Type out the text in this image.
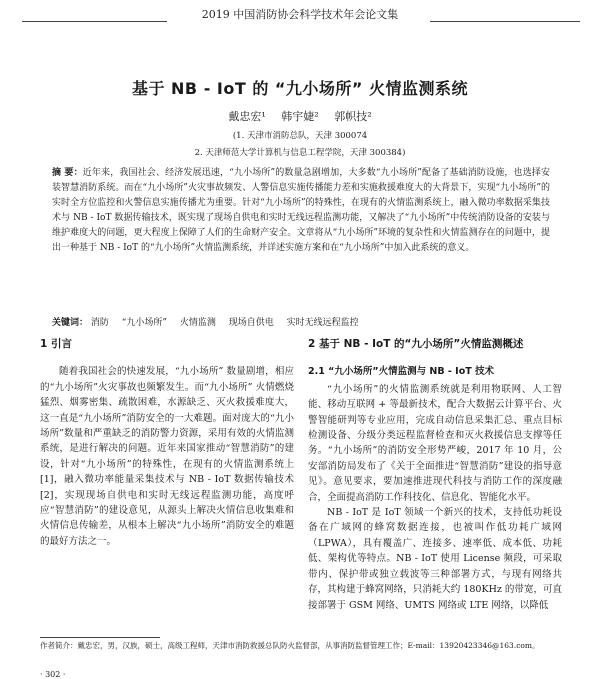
2019 中国消防协会科学技术年会论文集
基于 NB - IoT 的 “九小场所” 火情监测系统
戴忠宏¹ 韩宇婕² 郭帜技²
(1. 天津市消防总队，天津 300074
2. 天津师范大学计算机与信息工程学院，天津 300384)
摘 要：近年来，我国社会、经济发展迅速，“九小场所”的数量急剧增加，大多数“九小场所”配备了基础消防设施，也选择安装智慧消防系统。而在“九小场所”火灾事故频发、人警信息实施传播能力差和实施救援难度大的大背景下，实现“九小场所”的实时全方位监控和火警信息实施传播尤为重要。针对“九小场所”的特殊性，在现有的火情监测系统上，融入微功率数据采集技术与 NB - IoT 数据传输技术，既实现了现场自供电和实时无线远程监测功能，又解决了“九小场所”中传统消防设备的安装与维护难度大的问题，更大程度上保障了人们的生命财产安全。文章将从“九小场所”环境的复杂性和火情监测存在的问题中，提出一种基于 NB - IoT 的“九小场所”火情监测系统，并详述实施方案和在“九小场所”中加入此系统的意义。
关键词： 消防 “九小场所” 火情监测 现场自供电 实时无线远程监控
1 引言

随着我国社会的快速发展，“九小场所” 数量剧增，相应的“九小场所”火灾事故也频繁发生。而“九小场所” 火情燃烧猛烈、烟雾密集、疏散困难，水源缺乏、灭火救援难度大，这一直是“九小场所”消防安全的一大难题。面对庞大的“九小场所”数量和严重缺乏的消防警力资源，采用有效的火情监测系统，是进行解决的问题。近年来国家推动“智慧消防”的建设，针对“九小场所”的特殊性，在现有的火情监测系统上[1]，融入微功率能量采集技术与 NB - IoT 数据传输技术[2]，实现现场自供电和实时无线远程监测功能，高度呼应“智慧消防”的建设意见，从源头上解决火情信息收集难和火情信息传输差，从根本上解决“九小场所”消防安全的难题的最好方法之一。

2 基于 NB - IoT 的“九小场所”火情监测概述
2.1 “九小场所”火情监测与 NB - IoT 技术

“九小场所”的火情监测系统就是利用物联网、人工智能、移动互联网 + 等最新技术，配合大数据云计算平台、火警智能研判等专业应用，完成自动信息采集汇总、重点目标检测设备、分级分类远程监督检查和灭火救援信息支撑等任务。“九小场所”的消防安全形势严峻，2017 年 10 月，公安部消防局发布了《关于全面推进“智慧消防”建设的指导意见》。意见要求，要加速推进现代科技与消防工作的深度融合，全面提高消防工作科技化、信息化、智能化水平。

NB - IoT 是 IoT 领域一个新兴的技术，支持低功耗设备在广域网的蜂窝数据连接，也被叫作低功耗广域网（LPWA），具有覆盖广、连接多、速率低、成本低、功耗低、架构优等特点。NB - IoT 使用 License 频段，可采取带内、保护带或独立载波等三种部署方式，与现有网络共存，其构建于蜂窝网络，只消耗大约 180KHz 的带宽，可直接部署于 GSM 网络、UMTS 网络或 LTE 网络，以降低

作者简介：戴忠宏，男，汉族，硕士，高级工程师，天津市消防救援总队防火监督部，从事消防监督管理工作；E-mail：13920423346@163.com。
· 302 ·
